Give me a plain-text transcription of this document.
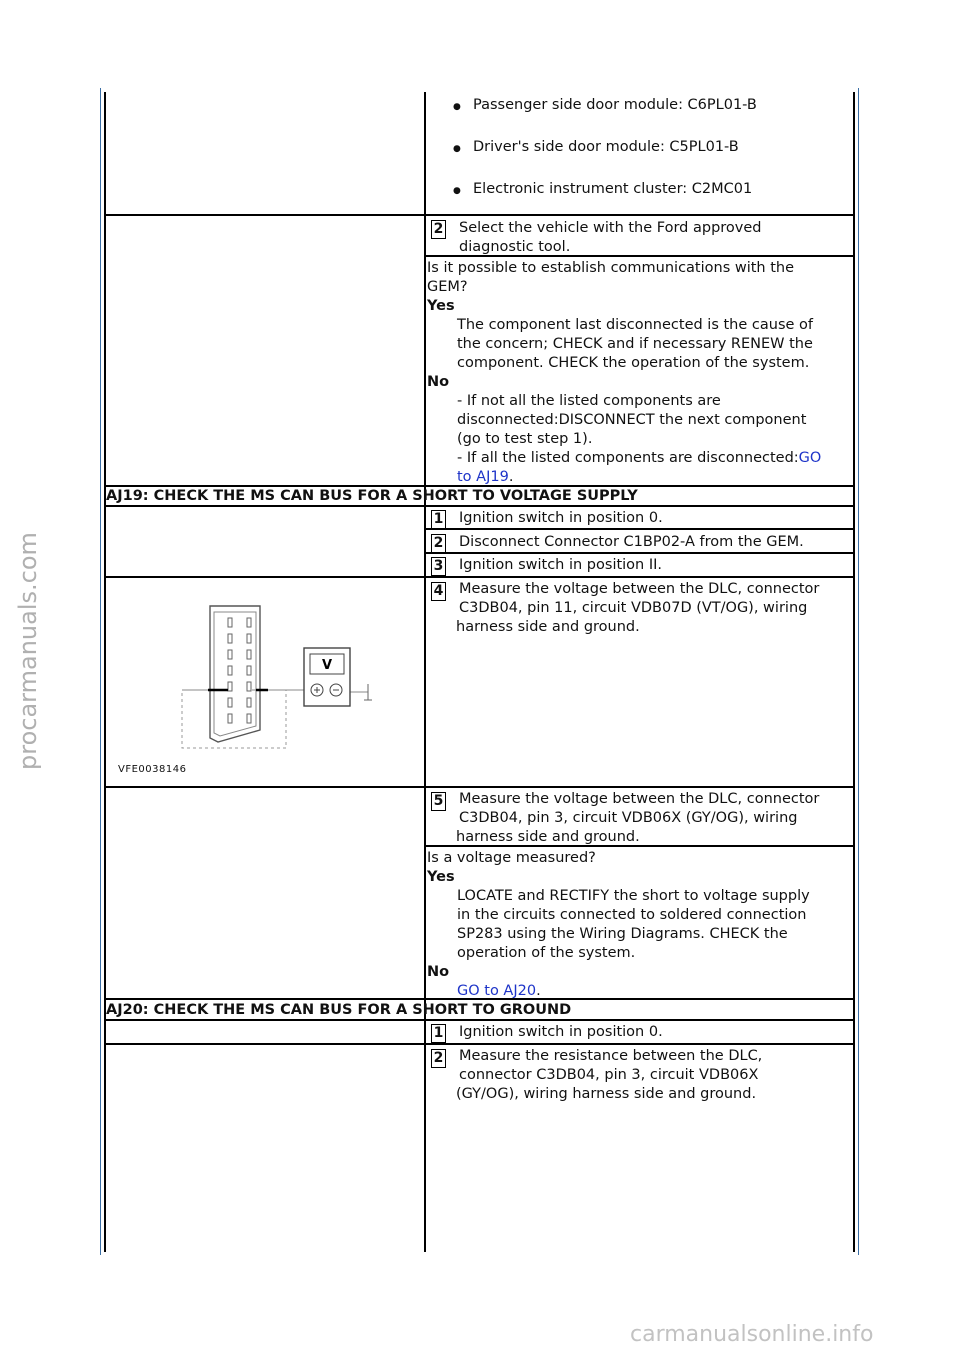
procarmanuals.com
Passenger side door module: C6PL01-B
Driver's side door module: C5PL01-B
Electronic instrument cluster: C2MC01
2 Select the vehicle with the Ford approved diagnostic tool.
Is it possible to establish communications with the
GEM?
Yes
The component last disconnected is the cause of
the concern; CHECK and if necessary RENEW the
component. CHECK the operation of the system.
No
- If not all the listed components are
disconnected:DISCONNECT the next component
(go to test step 1).
- If all the listed components are disconnected:GO
to AJ19.
AJ19: CHECK THE MS CAN BUS FOR A SHORT TO VOLTAGE SUPPLY
1 Ignition switch in position 0.
2 Disconnect Connector C1BP02-A from the GEM.
3 Ignition switch in position II.
4 Measure the voltage between the DLC, connector
C3DB04, pin 11, circuit VDB07D (VT/OG), wiring
harness side and ground.
V
VFE0038146
5 Measure the voltage between the DLC, connector
C3DB04, pin 3, circuit VDB06X (GY/OG), wiring
harness side and ground.
Is a voltage measured?
Yes
LOCATE and RECTIFY the short to voltage supply
in the circuits connected to soldered connection
SP283 using the Wiring Diagrams. CHECK the
operation of the system.
No
GO to AJ20.
AJ20: CHECK THE MS CAN BUS FOR A SHORT TO GROUND
1 Ignition switch in position 0.
2 Measure the resistance between the DLC,
connector C3DB04, pin 3, circuit VDB06X
(GY/OG), wiring harness side and ground.
carmanualsonline.info
